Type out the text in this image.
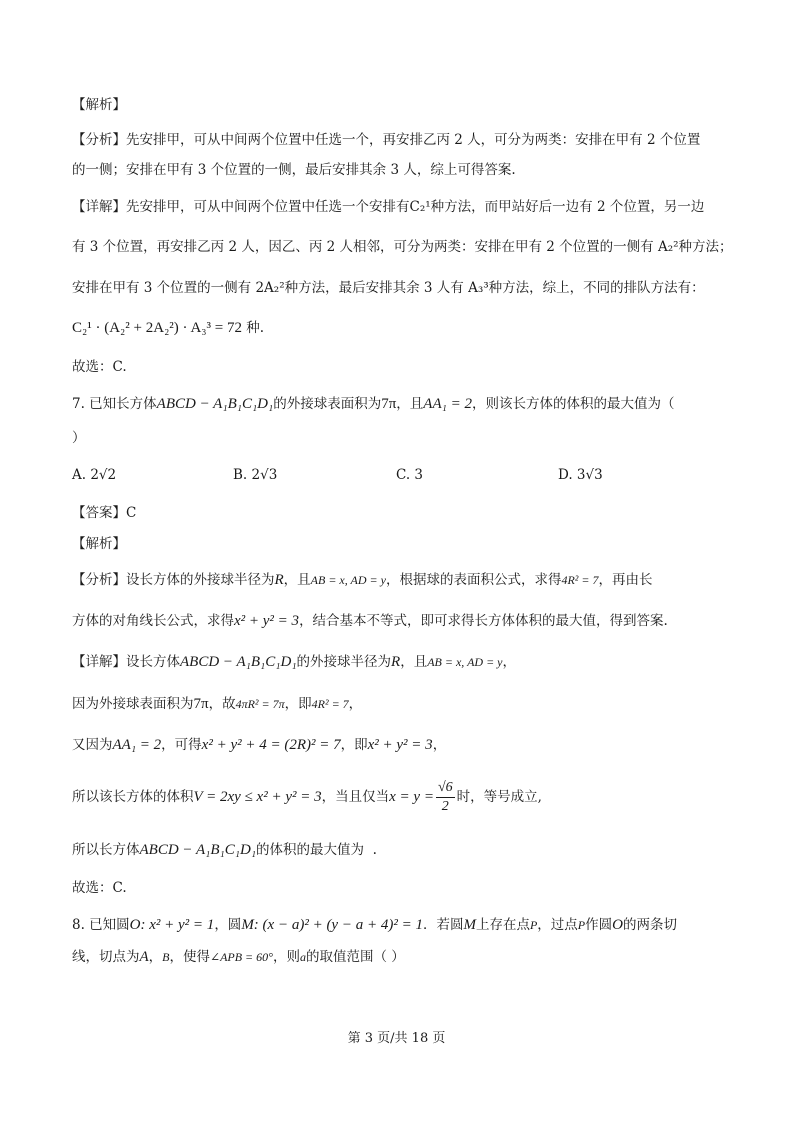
【解析】
【分析】先安排甲，可从中间两个位置中任选一个，再安排乙丙 2 人，可分为两类：安排在甲有 2 个位置
的一侧；安排在甲有 3 个位置的一侧，最后安排其余 3 人，综上可得答案.
【详解】先安排甲，可从中间两个位置中任选一个安排有C₂¹种方法，而甲站好后一边有 2 个位置，另一边
有 3 个位置，再安排乙丙 2 人，因乙、丙 2 人相邻，可分为两类：安排在甲有 2 个位置的一侧有 A₂²种方法；
安排在甲有 3 个位置的一侧有 2A₂²种方法，最后安排其余 3 人有 A₃³种方法，综上，不同的排队方法有：
C₂¹ · (A₂² + 2A₂²) · A₃³ = 72 种.
故选：C.
7. 已知长方体ABCD − A₁B₁C₁D₁的外接球表面积为7π，且AA₁ = 2，则该长方体的体积的最大值为（
）
A. 2√2	B. 2√3	C. 3	D. 3√3
【答案】C
【解析】
【分析】设长方体的外接球半径为R，且AB = x, AD = y，根据球的表面积公式，求得4R² = 7，再由长
方体的对角线长公式，求得x² + y² = 3，结合基本不等式，即可求得长方体体积的最大值，得到答案.
【详解】设长方体ABCD − A₁B₁C₁D₁的外接球半径为R，且AB = x, AD = y，
因为外接球表面积为7π，故4πR² = 7π，即4R² = 7，
又因为AA₁ = 2，可得x² + y² + 4 = (2R)² = 7，即x² + y² = 3，
所以该长方体的体积V = 2xy ≤ x² + y² = 3，当且仅当$x = y = \frac{√6}{2}$ 时，等号成立,
所以长方体ABCD − A₁B₁C₁D₁的体积的最大值为 .
故选：C.
8. 已知圆O: x² + y² = 1，圆M: (x − a)² + (y − a + 4)² = 1．若圆M上存在点P，过点P作圆O的两条切
线，切点为A，B，使得∠APB = 60°，则a的取值范围（ ）
第 3 页/共 18 页
